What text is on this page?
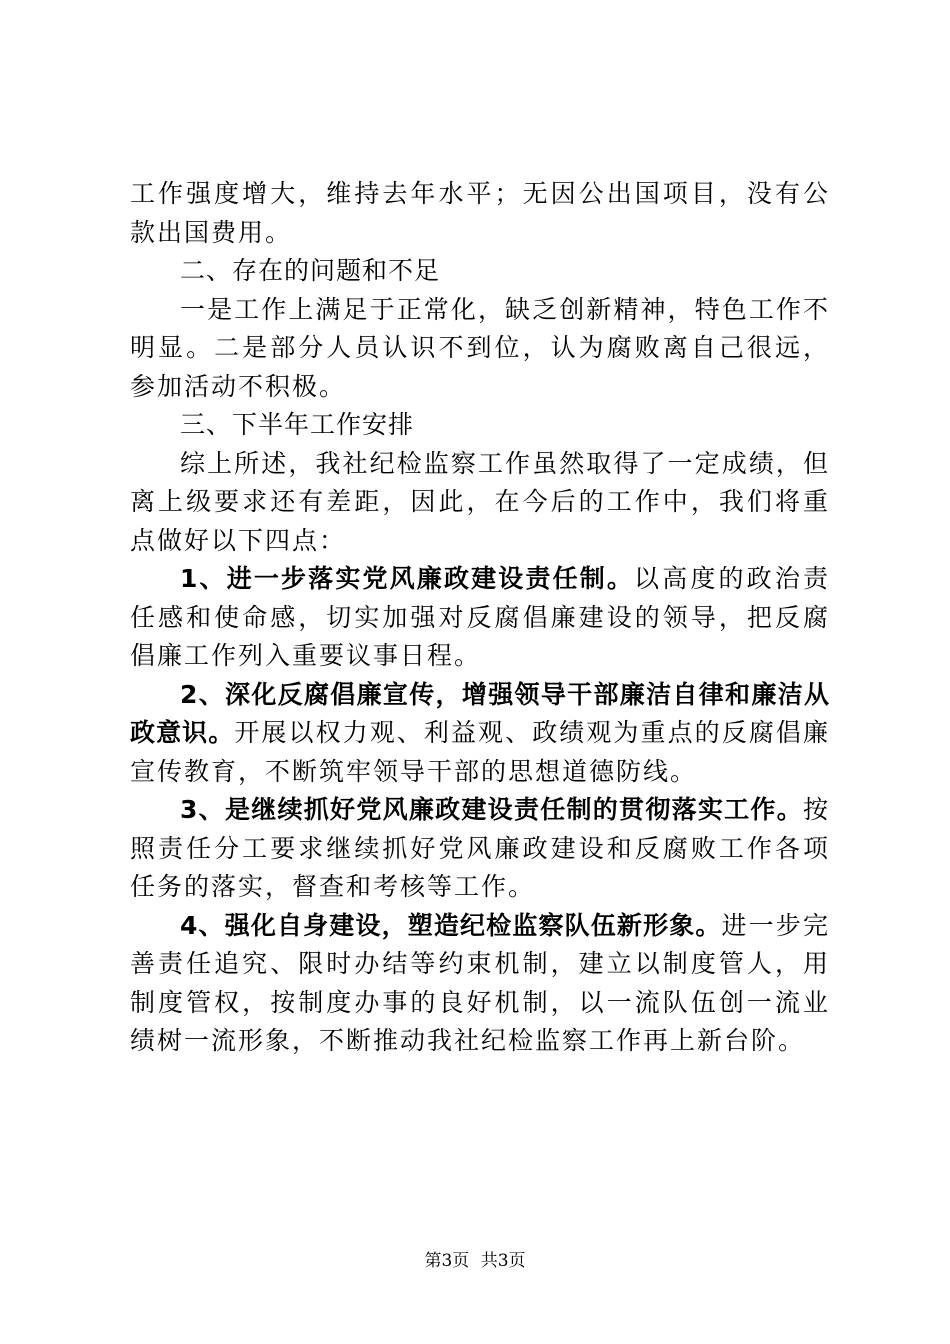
工作强度增大，维持去年水平；无因公出国项目，没有公款出国费用。

二、存在的问题和不足

一是工作上满足于正常化，缺乏创新精神，特色工作不明显。二是部分人员认识不到位，认为腐败离自己很远，参加活动不积极。

三、下半年工作安排

综上所述，我社纪检监察工作虽然取得了一定成绩，但离上级要求还有差距，因此，在今后的工作中，我们将重点做好以下四点：

1、进一步落实党风廉政建设责任制。以高度的政治责任感和使命感，切实加强对反腐倡廉建设的领导，把反腐倡廉工作列入重要议事日程。

2、深化反腐倡廉宣传，增强领导干部廉洁自律和廉洁从政意识。开展以权力观、利益观、政绩观为重点的反腐倡廉宣传教育，不断筑牢领导干部的思想道德防线。

3、是继续抓好党风廉政建设责任制的贯彻落实工作。按照责任分工要求继续抓好党风廉政建设和反腐败工作各项任务的落实，督查和考核等工作。

4、强化自身建设，塑造纪检监察队伍新形象。进一步完善责任追究、限时办结等约束机制，建立以制度管人，用制度管权，按制度办事的良好机制，以一流队伍创一流业绩树一流形象，不断推动我社纪检监察工作再上新台阶。

第3页 共3页
